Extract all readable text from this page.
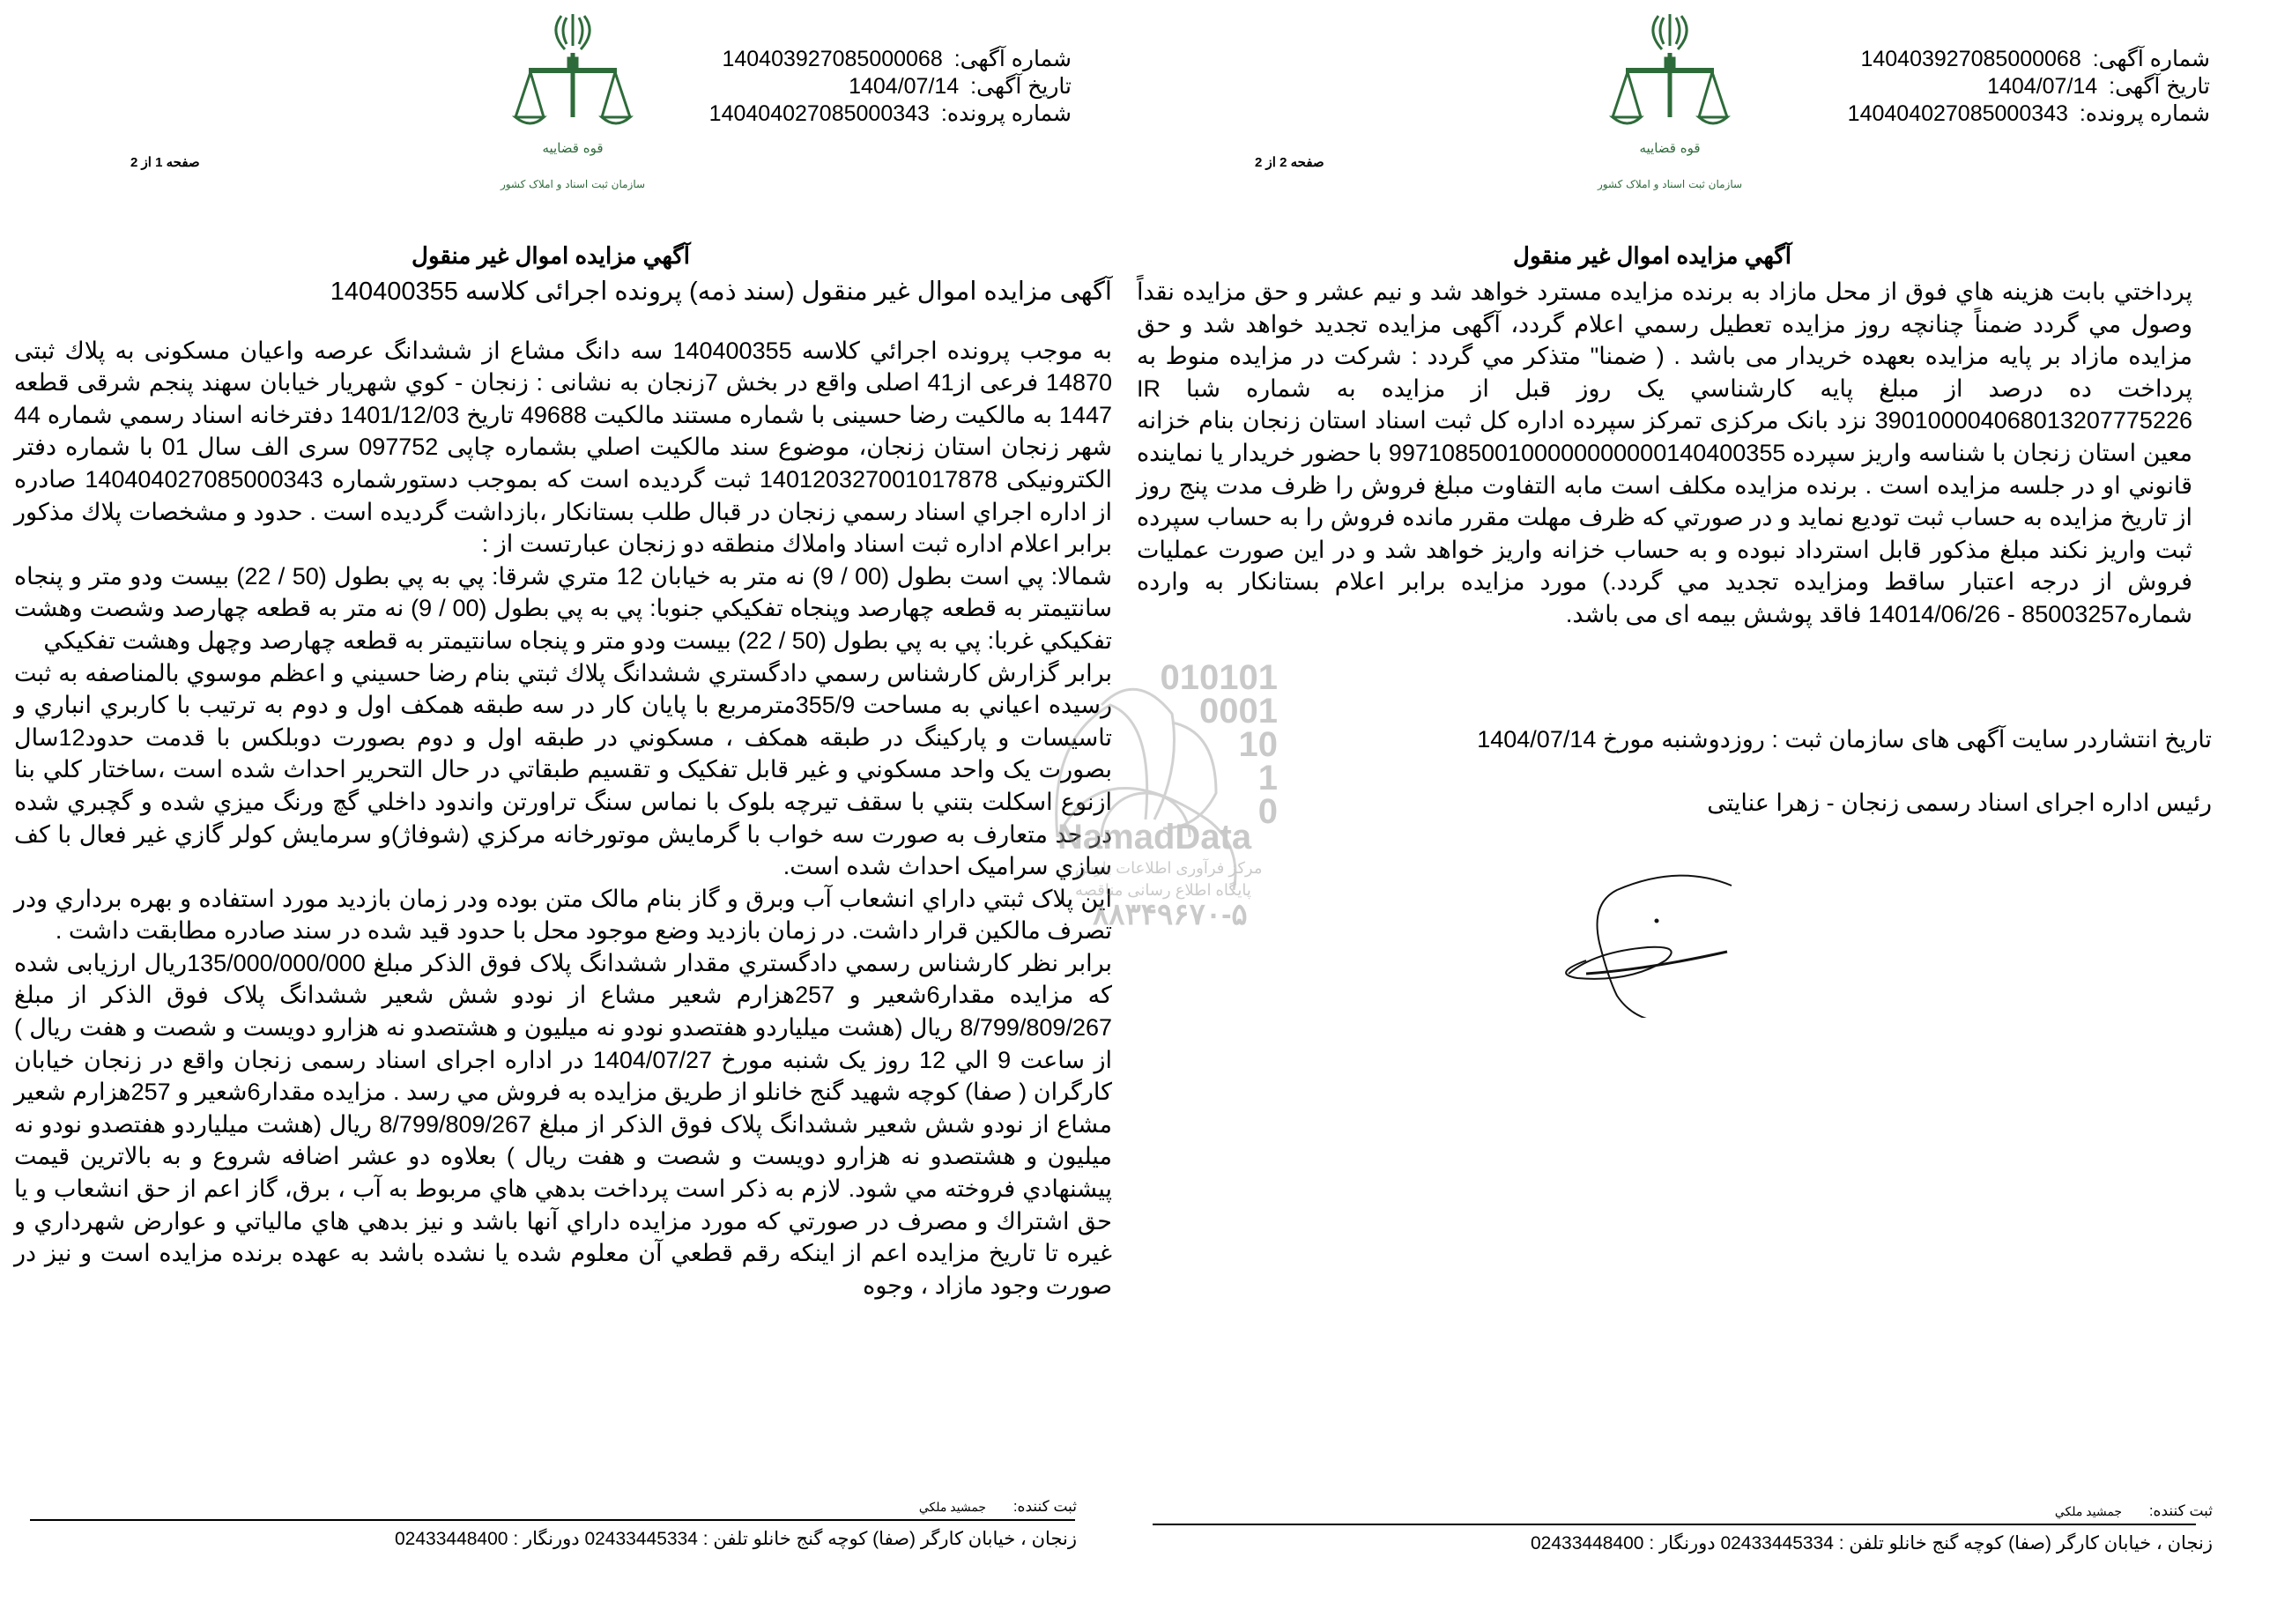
شماره آگهی: 140403927085000068
تاریخ آگهی: 1404/07/14
شماره پرونده: 140404027085000343
قوه قضاییه
سازمان ثبت اسناد و املاک کشور
صفحه 1 از 2
آگهي مزايده اموال غير منقول

آگهی مزایده اموال غیر منقول (سند ذمه) پرونده اجرائی کلاسه 140400355

به موجب پرونده اجرائي كلاسه 140400355 سه دانگ مشاع از ششدانگ عرصه واعيان مسكونى به پلاك ثبتى 14870 فرعى از41 اصلى واقع در بخش 7زنجان به نشانى : زنجان - كوي شهريار خيابان سهند پنجم شرقى قطعه 1447 به مالكيت رضا حسينى با شماره مستند مالكيت 49688 تاريخ 1401/12/03 دفترخانه اسناد رسمي شماره 44 شهر زنجان استان زنجان، موضوع سند مالكيت اصلي بشماره چاپى 097752 سرى الف سال 01 با شماره دفتر الكترونيكى 140120327001017878 ثبت گرديده است كه بموجب دستورشماره 140404027085000343 صادره از اداره اجراي اسناد رسمي زنجان در قبال طلب بستانكار ،بازداشت گرديده است . حدود و مشخصات پلاك مذكور برابر اعلام اداره ثبت اسناد واملاك منطقه دو زنجان عبارتست از :

شمالا: پي است بطول (00 / 9) نه متر به خيابان 12 متري شرقا: پي به پي بطول (50 / 22) بيست ودو متر و پنجاه سانتيمتر به قطعه چهارصد وپنجاه تفكيكي جنوبا: پي به پي بطول (00 / 9) نه متر به قطعه چهارصد وشصت وهشت تفكيكي غربا: پي به پي بطول (50 / 22) بيست ودو متر و پنجاه سانتيمتر به قطعه چهارصد وچهل وهشت تفكيكي

برابر گزارش كارشناس رسمي دادگستري ششدانگ پلاك ثبتي بنام رضا حسيني و اعظم موسوي بالمناصفه به ثبت رسيده اعياني به مساحت 355/9مترمربع با پايان كار در سه طبقه همكف اول و دوم به ترتيب با كاربري انباري و تاسيسات و پاركينگ در طبقه همكف ، مسكوني در طبقه اول و دوم بصورت دوبلكس با قدمت حدود12سال بصورت يک واحد مسكوني و غير قابل تفكيک و تقسيم طبقاتي در حال التحرير احداث شده است ،ساختار كلي بنا ازنوع اسكلت بتني با سقف تيرچه بلوک با نماس سنگ تراورتن واندود داخلي گچ ورنگ ميزي شده و گچبري شده در حد متعارف به صورت سه خواب با گرمايش موتورخانه مركزي (شوفاژ)و سرمايش كولر گازي غير فعال با كف سازي سراميک احداث شده است.

اين پلاک ثبتي داراي انشعاب آب وبرق و گاز بنام مالک متن بوده ودر زمان بازديد مورد استفاده و بهره برداري ودر تصرف مالكين قرار داشت. در زمان بازديد وضع موجود محل با حدود قيد شده در سند صادره مطابقت داشت .

برابر نظر كارشناس رسمي دادگستري مقدار ششدانگ پلاک فوق الذكر مبلغ 135/000/000/000ريال ارزيابی شده كه مزايده مقدار6شعير و 257هزارم شعير مشاع از نودو شش شعير ششدانگ پلاک فوق الذكر از مبلغ 8/799/809/267 ريال (هشت ميلياردو هفتصدو نودو نه ميليون و هشتصدو نه هزارو دويست و شصت و هفت ريال ) از ساعت 9 الي 12 روز يک شنبه مورخ 1404/07/27 در اداره اجرای اسناد رسمی زنجان واقع در زنجان خيابان كارگران ( صفا) كوچه شهيد گنج خانلو از طريق مزايده به فروش مي رسد . مزايده مقدار6شعير و 257هزارم شعير مشاع از نودو شش شعير ششدانگ پلاک فوق الذكر از مبلغ 8/799/809/267 ريال (هشت ميلياردو هفتصدو نودو نه ميليون و هشتصدو نه هزارو دويست و شصت و هفت ريال ) بعلاوه دو عشر اضافه شروع و به بالاترين قيمت پيشنهادي فروخته مي شود. لازم به ذكر است پرداخت بدهي هاي مربوط به آب ، برق، گاز اعم از حق انشعاب و يا حق اشتراك و مصرف در صورتي كه مورد مزايده داراي آنها باشد و نيز بدهي هاي مالياتي و عوارض شهرداري و غيره تا تاريخ مزايده اعم از اينكه رقم قطعي آن معلوم شده يا نشده باشد به عهده برنده مزايده است و نيز در صورت وجود مازاد ، وجوه

ثبت كننده: جمشيد ملكي
زنجان ، خيابان كارگر (صفا) كوچه گنج خانلو تلفن : 02433445334 دورنگار : 02433448400
شماره آگهی: 140403927085000068
تاریخ آگهی: 1404/07/14
شماره پرونده: 140404027085000343
قوه قضاییه
سازمان ثبت اسناد و املاک کشور
صفحه 2 از 2
آگهي مزايده اموال غير منقول

پرداختي بابت هزينه هاي فوق از محل مازاد به برنده مزايده مسترد خواهد شد و نيم عشر و حق مزايده نقداً وصول مي گردد ضمناً چنانچه روز مزايده تعطيل رسمي اعلام گردد، آگهی مزايده تجديد خواهد شد و حق مزايده مازاد بر پايه مزايده بعهده خريدار می باشد . ( ضمنا" متذكر مي گردد : شركت در مزايده منوط به پرداخت ده درصد از مبلغ پايه كارشناسي يک روز قبل از مزايده به شماره شبا IR 390100004068013207775226 نزد بانک مرکزی تمرکز سپرده اداره كل ثبت اسناد استان زنجان بنام خزانه معين استان زنجان با شناسه واريز سپرده 997108500100000000000140400355 با حضور خريدار يا نماينده قانوني او در جلسه مزايده است . برنده مزايده مكلف است مابه التفاوت مبلغ فروش را ظرف مدت پنج روز از تاريخ مزايده به حساب ثبت توديع نمايد و در صورتي كه ظرف مهلت مقرر مانده فروش را به حساب سپرده ثبت واريز نكند مبلغ مذكور قابل استرداد نبوده و به حساب خزانه واريز خواهد شد و در اين صورت عمليات فروش از درجه اعتبار ساقط ومزايده تجديد مي گردد.) مورد مزايده برابر اعلام بستانكار به وارده شماره85003257 - 14014/06/26 فاقد پوشش بيمه ای می باشد.

تاريخ انتشاردر سايت آگهی های سازمان ثبت : روزدوشنبه مورخ 1404/07/14
رئيس اداره اجرای اسناد رسمی زنجان - زهرا عنايتی
ثبت كننده: جمشيد ملكي
زنجان ، خيابان كارگر (صفا) كوچه گنج خانلو تلفن : 02433445334 دورنگار : 02433448400
010101
0001
10
1
0
NamadData
مرکز فرآوری اطلاعات پارس
پایگاه اطلاع رسانی مناقصه
۸۸۳۴۹۶۷۰-۵
